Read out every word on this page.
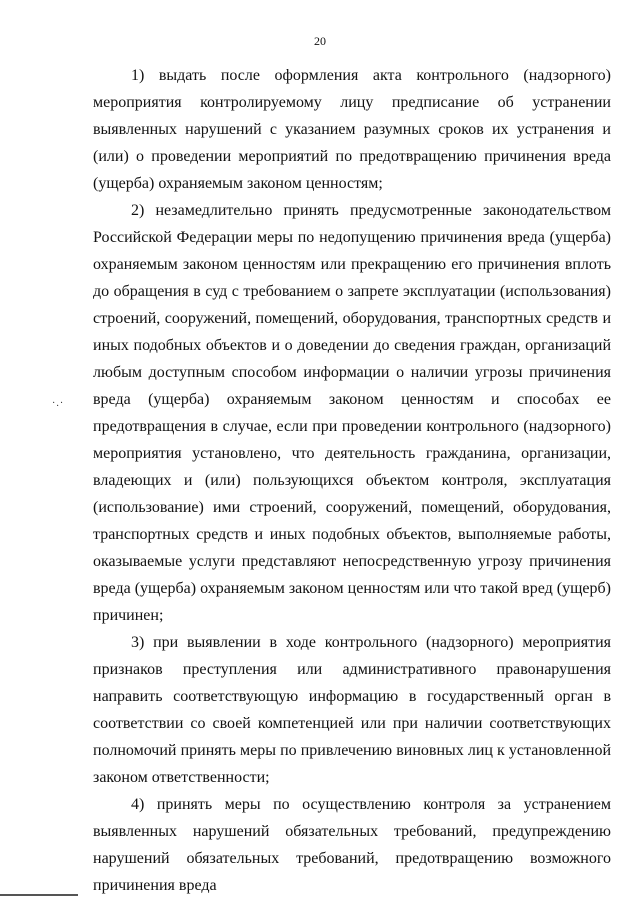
20
·.·

1) выдать после оформления акта контрольного (надзорного) мероприятия контролируемому лицу предписание об устранении выявленных нарушений с указанием разумных сроков их устранения и (или) о проведении мероприятий по предотвращению причинения вреда (ущерба) охраняемым законом ценностям;

2) незамедлительно принять предусмотренные законодательством Российской Федерации меры по недопущению причинения вреда (ущерба) охраняемым законом ценностям или прекращению его причинения вплоть до обращения в суд с требованием о запрете эксплуатации (использования) строений, сооружений, помещений, оборудования, транспортных средств и иных подобных объектов и о доведении до сведения граждан, организаций любым доступным способом информации о наличии угрозы причинения вреда (ущерба) охраняемым законом ценностям и способах ее предотвращения в случае, если при проведении контрольного (надзорного) мероприятия установлено, что деятельность гражданина, организации, владеющих и (или) пользующихся объектом контроля, эксплуатация (использование) ими строений, сооружений, помещений, оборудования, транспортных средств и иных подобных объектов, выполняемые работы, оказываемые услуги представляют непосредственную угрозу причинения вреда (ущерба) охраняемым законом ценностям или что такой вред (ущерб) причинен;

3) при выявлении в ходе контрольного (надзорного) мероприятия признаков преступления или административного правонарушения направить соответствующую информацию в государственный орган в соответствии со своей компетенцией или при наличии соответствующих полномочий принять меры по привлечению виновных лиц к установленной законом ответственности;

4) принять меры по осуществлению контроля за устранением выявленных нарушений обязательных требований, предупреждению нарушений обязательных требований, предотвращению возможного причинения вреда
